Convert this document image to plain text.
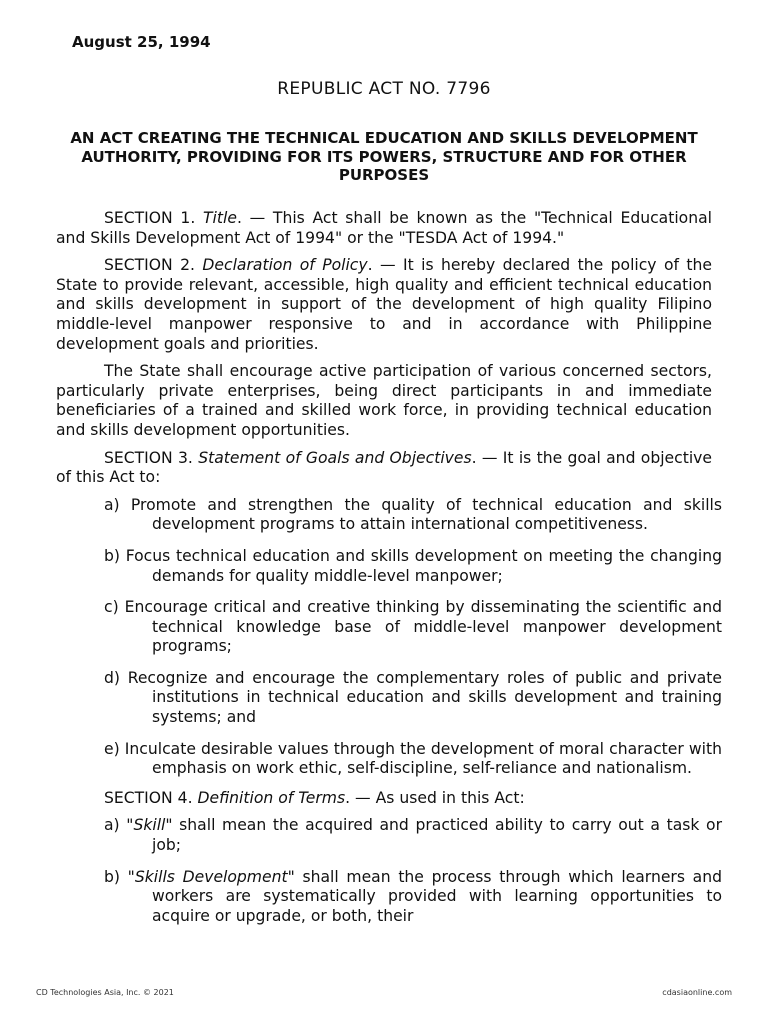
August 25, 1994

REPUBLIC ACT NO. 7796

AN ACT CREATING THE TECHNICAL EDUCATION AND SKILLS DEVELOPMENT AUTHORITY, PROVIDING FOR ITS POWERS, STRUCTURE AND FOR OTHER PURPOSES

SECTION 1. Title. — This Act shall be known as the "Technical Educational and Skills Development Act of 1994" or the "TESDA Act of 1994."

SECTION 2. Declaration of Policy. — It is hereby declared the policy of the State to provide relevant, accessible, high quality and efficient technical education and skills development in support of the development of high quality Filipino middle-level manpower responsive to and in accordance with Philippine development goals and priorities.

The State shall encourage active participation of various concerned sectors, particularly private enterprises, being direct participants in and immediate beneficiaries of a trained and skilled work force, in providing technical education and skills development opportunities.

SECTION 3. Statement of Goals and Objectives. — It is the goal and objective of this Act to:

a) Promote and strengthen the quality of technical education and skills development programs to attain international competitiveness.
b) Focus technical education and skills development on meeting the changing demands for quality middle-level manpower;
c) Encourage critical and creative thinking by disseminating the scientific and technical knowledge base of middle-level manpower development programs;
d) Recognize and encourage the complementary roles of public and private institutions in technical education and skills development and training systems; and
e) Inculcate desirable values through the development of moral character with emphasis on work ethic, self-discipline, self-reliance and nationalism.

SECTION 4. Definition of Terms. — As used in this Act:

a) "Skill" shall mean the acquired and practiced ability to carry out a task or job;
b) "Skills Development" shall mean the process through which learners and workers are systematically provided with learning opportunities to acquire or upgrade, or both, their
CD Technologies Asia, Inc. © 2021	cdasiaonline.com
